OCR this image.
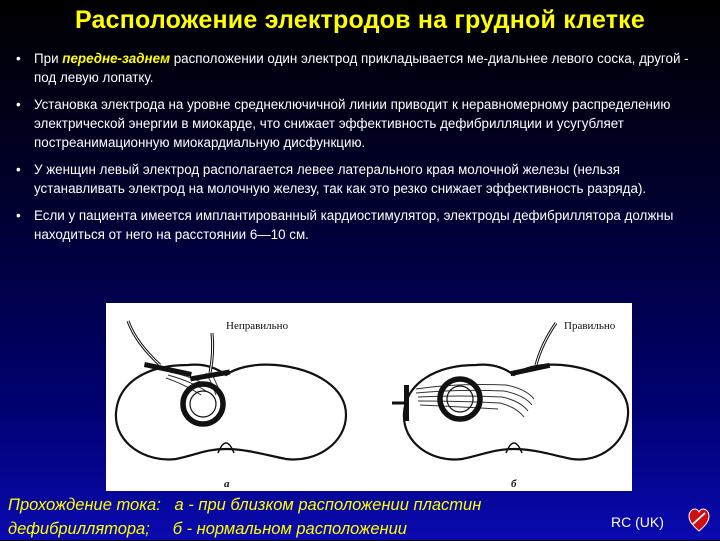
Расположение электродов на грудной клетке
• При передне-заднем расположении один электрод прикладывается ме-диальнее левого соска, другой - под левую лопатку.
• Установка электрода на уровне среднеключичной линии приводит к неравномерному распределению электрической энергии в миокарде, что снижает эффективность дефибрилляции и усугубляет постреанимационную миокардиальную дисфункцию.
• У женщин левый электрод располагается левее латерального края молочной железы (нельзя устанавливать электрод на молочную железу, так как это резко снижает эффективность разряда).
• Если у пациента имеется имплантированный кардиостимулятор, электроды дефибриллятора должны находиться от него на расстоянии 6—10 см.
Неправильно
а
Правильно
б
Прохождение тока:   а - при близком расположении пластин
дефибриллятора;     б - нормальном расположении	RC (UK)
